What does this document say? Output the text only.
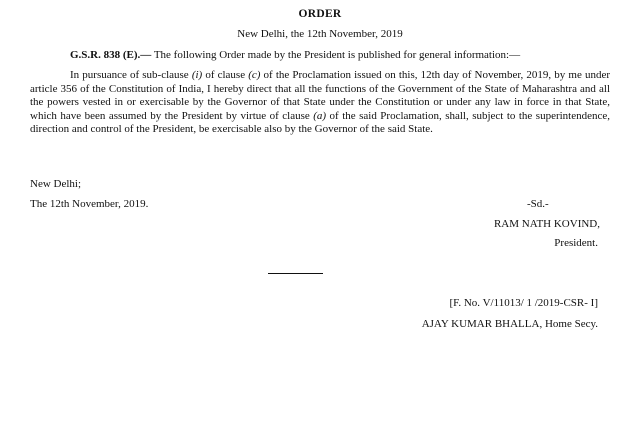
ORDER
New Delhi, the 12th November, 2019
G.S.R. 838 (E).— The following Order made by the President is published for general information:—
In pursuance of sub-clause (i) of clause (c) of the Proclamation issued on this, 12th day of November, 2019, by me under article 356 of the Constitution of India, I hereby direct that all the functions of the Government of the State of Maharashtra and all the powers vested in or exercisable by the Governor of that State under the Constitution or under any law in force in that State, which have been assumed by the President by virtue of clause (a) of the said Proclamation, shall, subject to the superintendence, direction and control of the President, be exercisable also by the Governor of the said State.
New Delhi;
The 12th November, 2019.	-Sd.-
RAM NATH KOVIND,
President.
[F. No. V/11013/ 1 /2019-CSR- I]
AJAY KUMAR BHALLA, Home Secy.
